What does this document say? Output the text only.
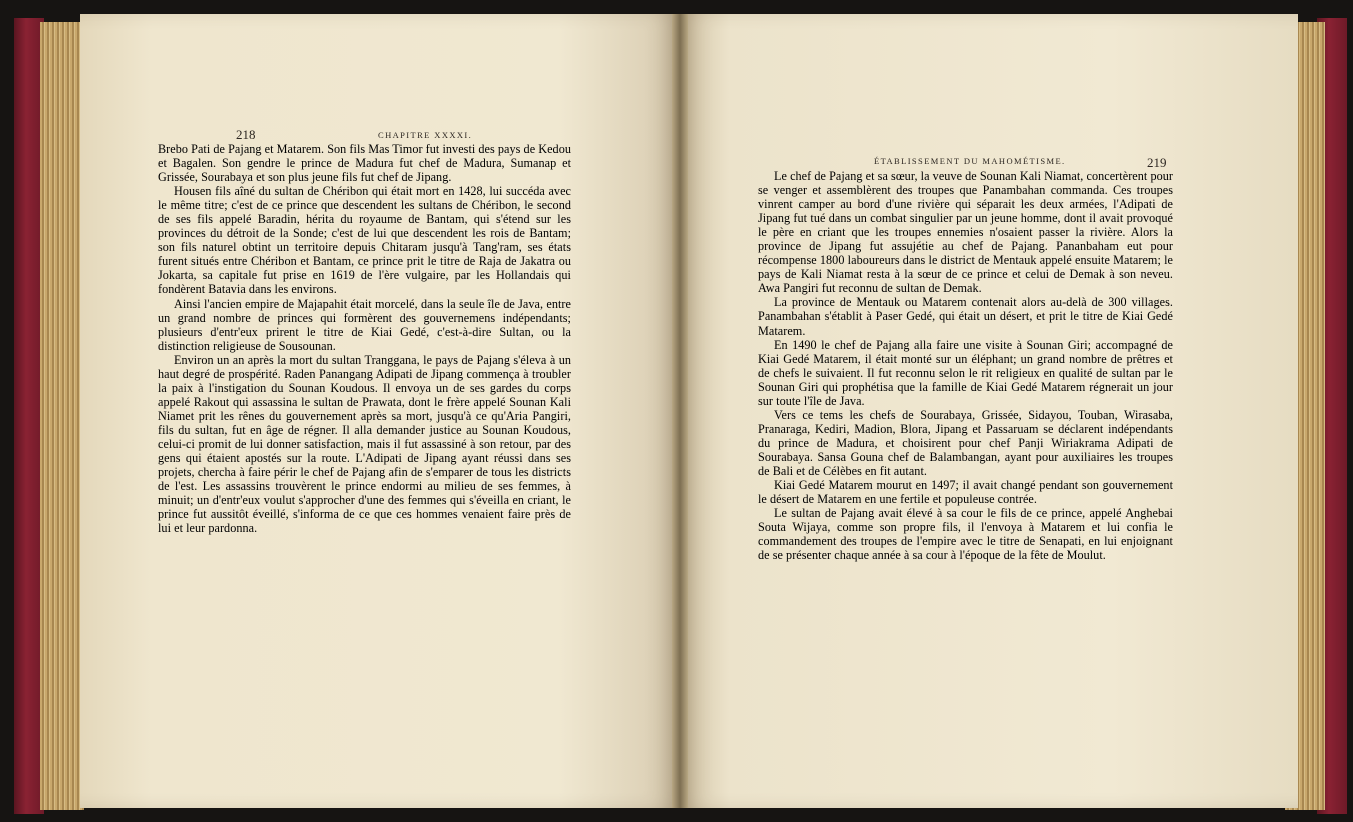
218	CHAPITRE XXXXI.

Brebo Pati de Pajang et Matarem. Son fils Mas Timor fut investi des pays de Kedou et Bagalen. Son gendre le prince de Madura fut chef de Madura, Sumanap et Grissée, Sourabaya et son plus jeune fils fut chef de Jipang.

Housen fils aîné du sultan de Chéribon qui était mort en 1428, lui succéda avec le même titre; c'est de ce prince que descendent les sultans de Chéribon, le second de ses fils appelé Baradin, hérita du royaume de Bantam, qui s'étend sur les provinces du détroit de la Sonde; c'est de lui que descendent les rois de Bantam; son fils naturel obtint un territoire depuis Chitaram jusqu'à Tang'ram, ses états furent situés entre Chéribon et Bantam, ce prince prit le titre de Raja de Jakatra ou Jokarta, sa capitale fut prise en 1619 de l'ère vulgaire, par les Hollandais qui fondèrent Batavia dans les environs.

Ainsi l'ancien empire de Majapahit était morcelé, dans la seule île de Java, entre un grand nombre de princes qui formèrent des gouvernemens indépendants; plusieurs d'entr'eux prirent le titre de Kiai Gedé, c'est-à-dire Sultan, ou la distinction religieuse de Sousounan.

Environ un an après la mort du sultan Tranggana, le pays de Pajang s'éleva à un haut degré de prospérité. Raden Panangang Adipati de Jipang commença à troubler la paix à l'instigation du Sounan Koudous. Il envoya un de ses gardes du corps appelé Rakout qui assassina le sultan de Prawata, dont le frère appelé Sounan Kali Niamet prit les rênes du gouvernement après sa mort, jusqu'à ce qu'Aria Pangiri, fils du sultan, fut en âge de régner. Il alla demander justice au Sounan Koudous, celui-ci promit de lui donner satisfaction, mais il fut assassiné à son retour, par des gens qui étaient apostés sur la route. L'Adipati de Jipang ayant réussi dans ses projets, chercha à faire périr le chef de Pajang afin de s'emparer de tous les districts de l'est. Les assassins trouvèrent le prince endormi au milieu de ses femmes, à minuit; un d'entr'eux voulut s'approcher d'une des femmes qui s'éveilla en criant, le prince fut aussitôt éveillé, s'informa de ce que ces hommes venaient faire près de lui et leur pardonna.

ÉTABLISSEMENT DU MAHOMÉTISME.	219

Le chef de Pajang et sa sœur, la veuve de Sounan Kali Niamat, concertèrent pour se venger et assemblèrent des troupes que Panambahan commanda. Ces troupes vinrent camper au bord d'une rivière qui séparait les deux armées, l'Adipati de Jipang fut tué dans un combat singulier par un jeune homme, dont il avait provoqué le père en criant que les troupes ennemies n'osaient passer la rivière. Alors la province de Jipang fut assujétie au chef de Pajang. Pananbaham eut pour récompense 1800 laboureurs dans le district de Mentauk appelé ensuite Matarem; le pays de Kali Niamat resta à la sœur de ce prince et celui de Demak à son neveu. Awa Pangiri fut reconnu de sultan de Demak.

La province de Mentauk ou Matarem contenait alors au-delà de 300 villages. Panambahan s'établit à Paser Gedé, qui était un désert, et prit le titre de Kiai Gedé Matarem.

En 1490 le chef de Pajang alla faire une visite à Sounan Giri; accompagné de Kiai Gedé Matarem, il était monté sur un éléphant; un grand nombre de prêtres et de chefs le suivaient. Il fut reconnu selon le rit religieux en qualité de sultan par le Sounan Giri qui prophétisa que la famille de Kiai Gedé Matarem régnerait un jour sur toute l'île de Java.

Vers ce tems les chefs de Sourabaya, Grissée, Sidayou, Touban, Wirasaba, Pranaraga, Kediri, Madion, Blora, Jipang et Passaruam se déclarent indépendants du prince de Madura, et choisirent pour chef Panji Wiriakrama Adipati de Sourabaya. Sansa Gouna chef de Balambangan, ayant pour auxiliaires les troupes de Bali et de Célèbes en fit autant.

Kiai Gedé Matarem mourut en 1497; il avait changé pendant son gouvernement le désert de Matarem en une fertile et populeuse contrée.

Le sultan de Pajang avait élevé à sa cour le fils de ce prince, appelé Anghebai Souta Wijaya, comme son propre fils, il l'envoya à Matarem et lui confia le commandement des troupes de l'empire avec le titre de Senapati, en lui enjoignant de se présenter chaque année à sa cour à l'époque de la fête de Moulut.
